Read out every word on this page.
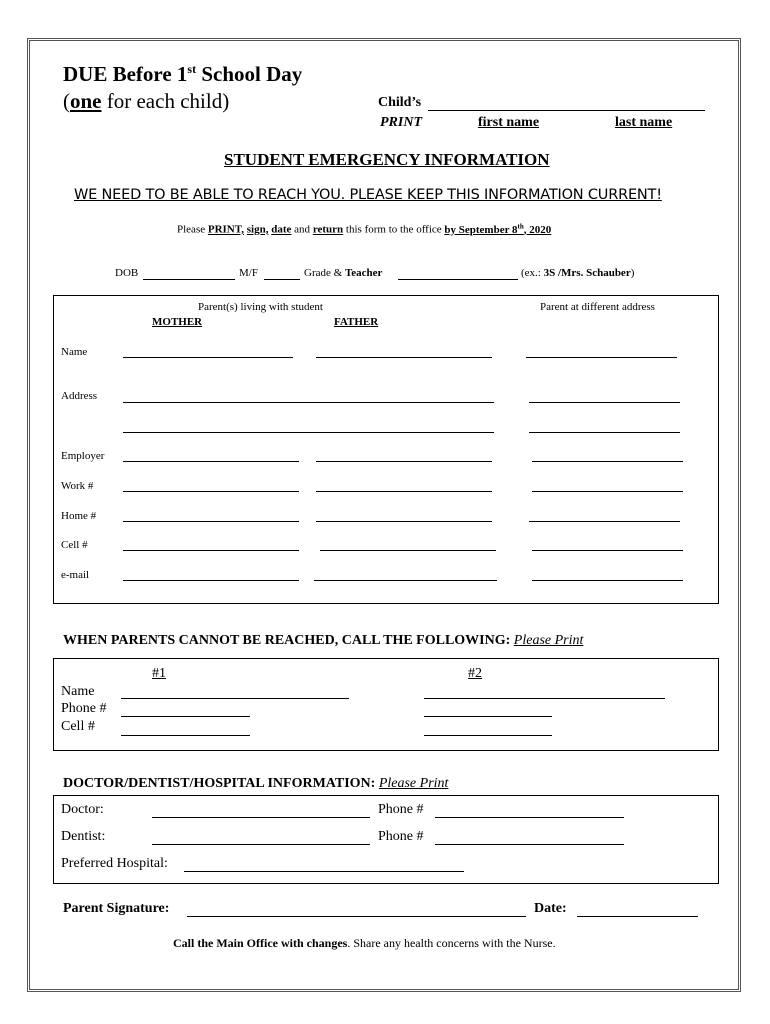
DUE Before 1st School Day
(one for each child)	Child’s
PRINT	first name	last name
STUDENT EMERGENCY INFORMATION
WE NEED TO BE ABLE TO REACH YOU. PLEASE KEEP THIS INFORMATION CURRENT!
Please PRINT, sign, date and return this form to the office by September 8th, 2020
DOB	M/F	Grade & Teacher	(ex.: 3S /Mrs. Schauber)
Parent(s) living with student
MOTHER	FATHER
Parent at different address
Name
Address
Employer
Work #
Home #
Cell #
e-mail
WHEN PARENTS CANNOT BE REACHED, CALL THE FOLLOWING: Please Print
#1	#2
Name
Phone #
Cell #
DOCTOR/DENTIST/HOSPITAL INFORMATION: Please Print
Doctor:	Phone #
Dentist:	Phone #
Preferred Hospital:
Parent Signature:	Date:
Call the Main Office with changes. Share any health concerns with the Nurse.
